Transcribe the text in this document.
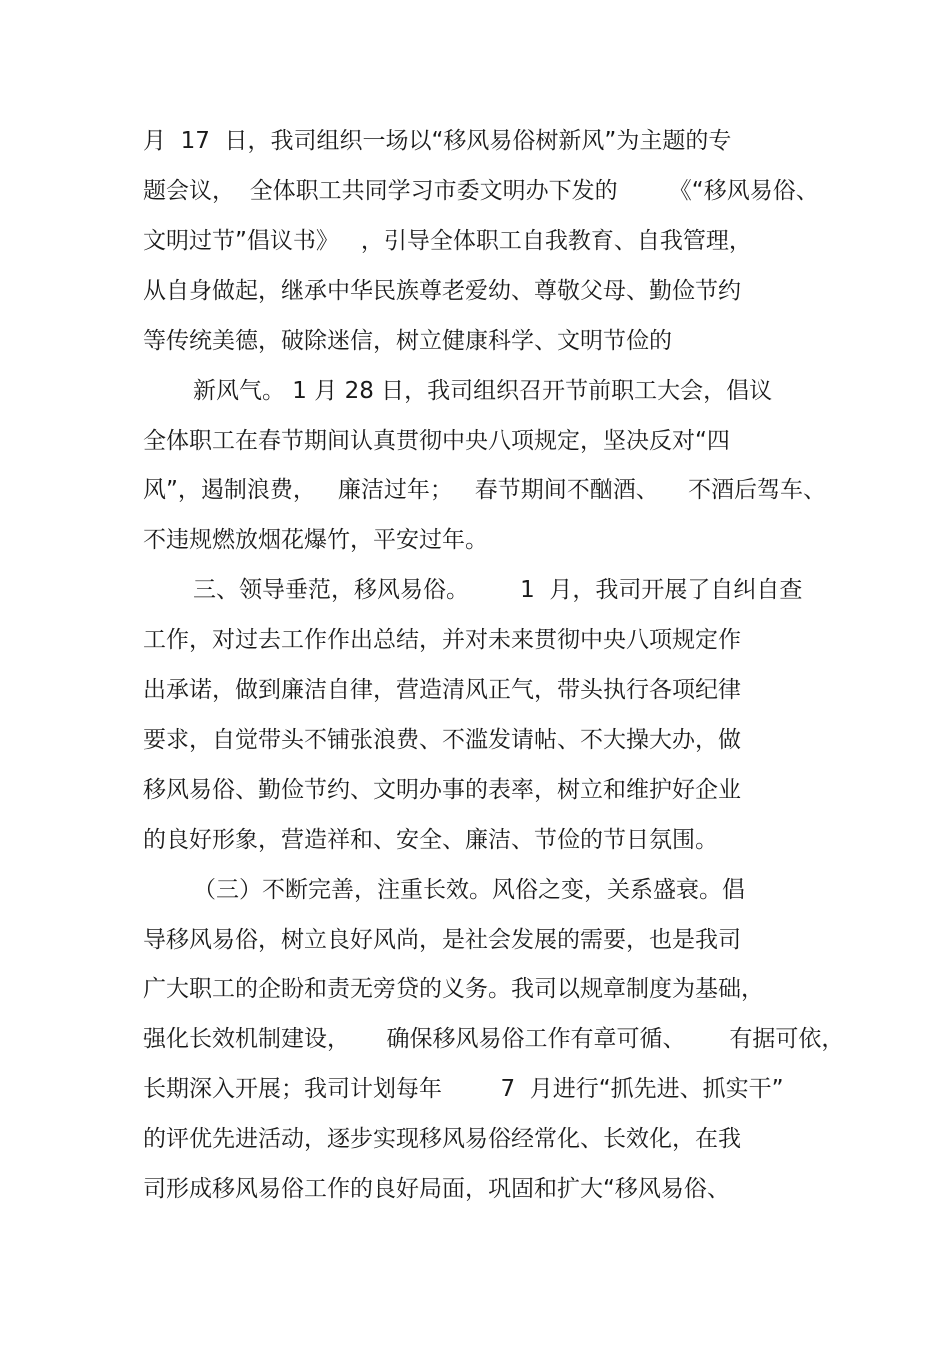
月  17  日，我司组织一场以“移风易俗树新风”为主题的专
题会议，  全体职工共同学习市委文明办下发的       《“移风易俗、
文明过节”倡议书》   ，引导全体职工自我教育、自我管理，
从自身做起，继承中华民族尊老爱幼、尊敬父母、勤俭节约
等传统美德，破除迷信，树立健康科学、文明节俭的
新风气。 1 月 28 日，我司组织召开节前职工大会，倡议
全体职工在春节期间认真贯彻中央八项规定，坚决反对“四
风”，遏制浪费，   廉洁过年；   春节期间不酗酒、    不酒后驾车、
不违规燃放烟花爆竹，平安过年。
三、领导垂范，移风易俗。       1  月，我司开展了自纠自查
工作，对过去工作作出总结，并对未来贯彻中央八项规定作
出承诺，做到廉洁自律，营造清风正气，带头执行各项纪律
要求，自觉带头不铺张浪费、不滥发请帖、不大操大办，做
移风易俗、勤俭节约、文明办事的表率，树立和维护好企业
的良好形象，营造祥和、安全、廉洁、节俭的节日氛围。
（三）不断完善，注重长效。风俗之变，关系盛衰。倡
导移风易俗，树立良好风尚，是社会发展的需要，也是我司
广大职工的企盼和责无旁贷的义务。我司以规章制度为基础，
强化长效机制建设，     确保移风易俗工作有章可循、      有据可依，
长期深入开展；我司计划每年        7  月进行“抓先进、抓实干”
的评优先进活动，逐步实现移风易俗经常化、长效化，在我
司形成移风易俗工作的良好局面，巩固和扩大“移风易俗、
